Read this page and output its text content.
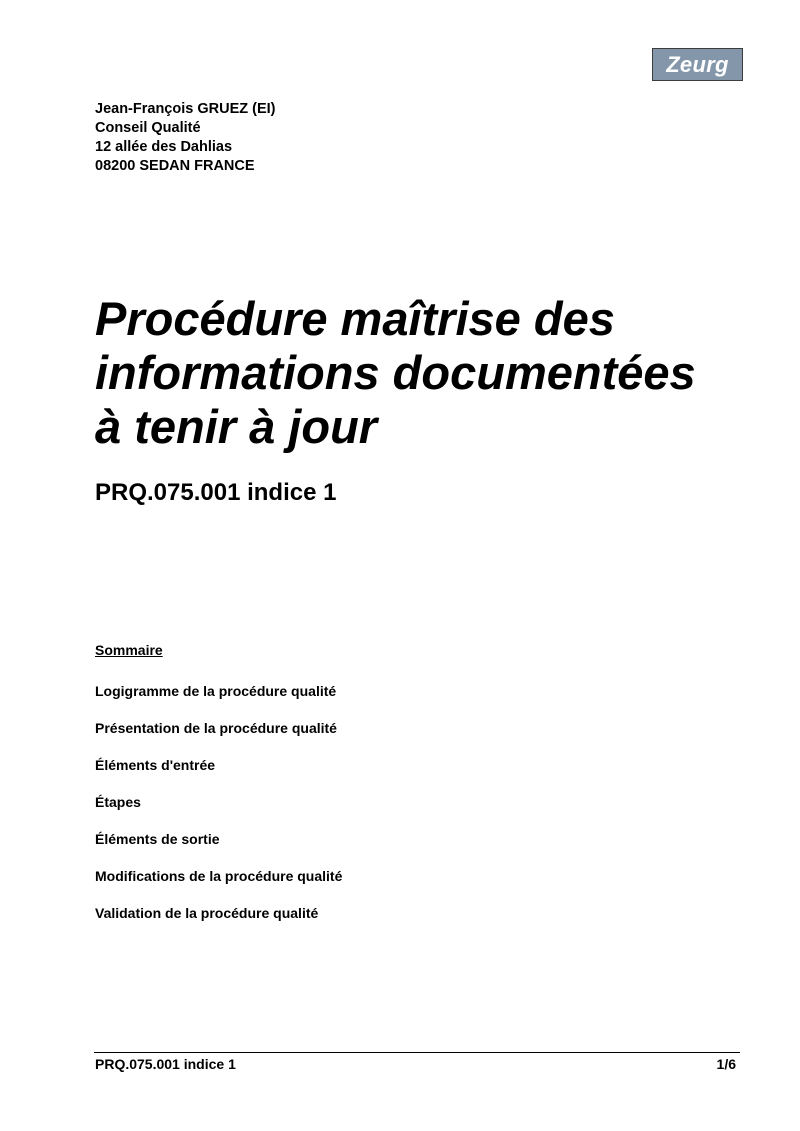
Zeurg
Jean-François GRUEZ (EI)
Conseil Qualité
12 allée des Dahlias
08200 SEDAN FRANCE
Procédure maîtrise des
informations documentées
à tenir à jour
PRQ.075.001 indice 1
Sommaire
Logigramme de la procédure qualité
Présentation de la procédure qualité
Éléments d'entrée
Étapes
Éléments de sortie
Modifications de la procédure qualité
Validation de la procédure qualité
PRQ.075.001 indice 1	1/6
